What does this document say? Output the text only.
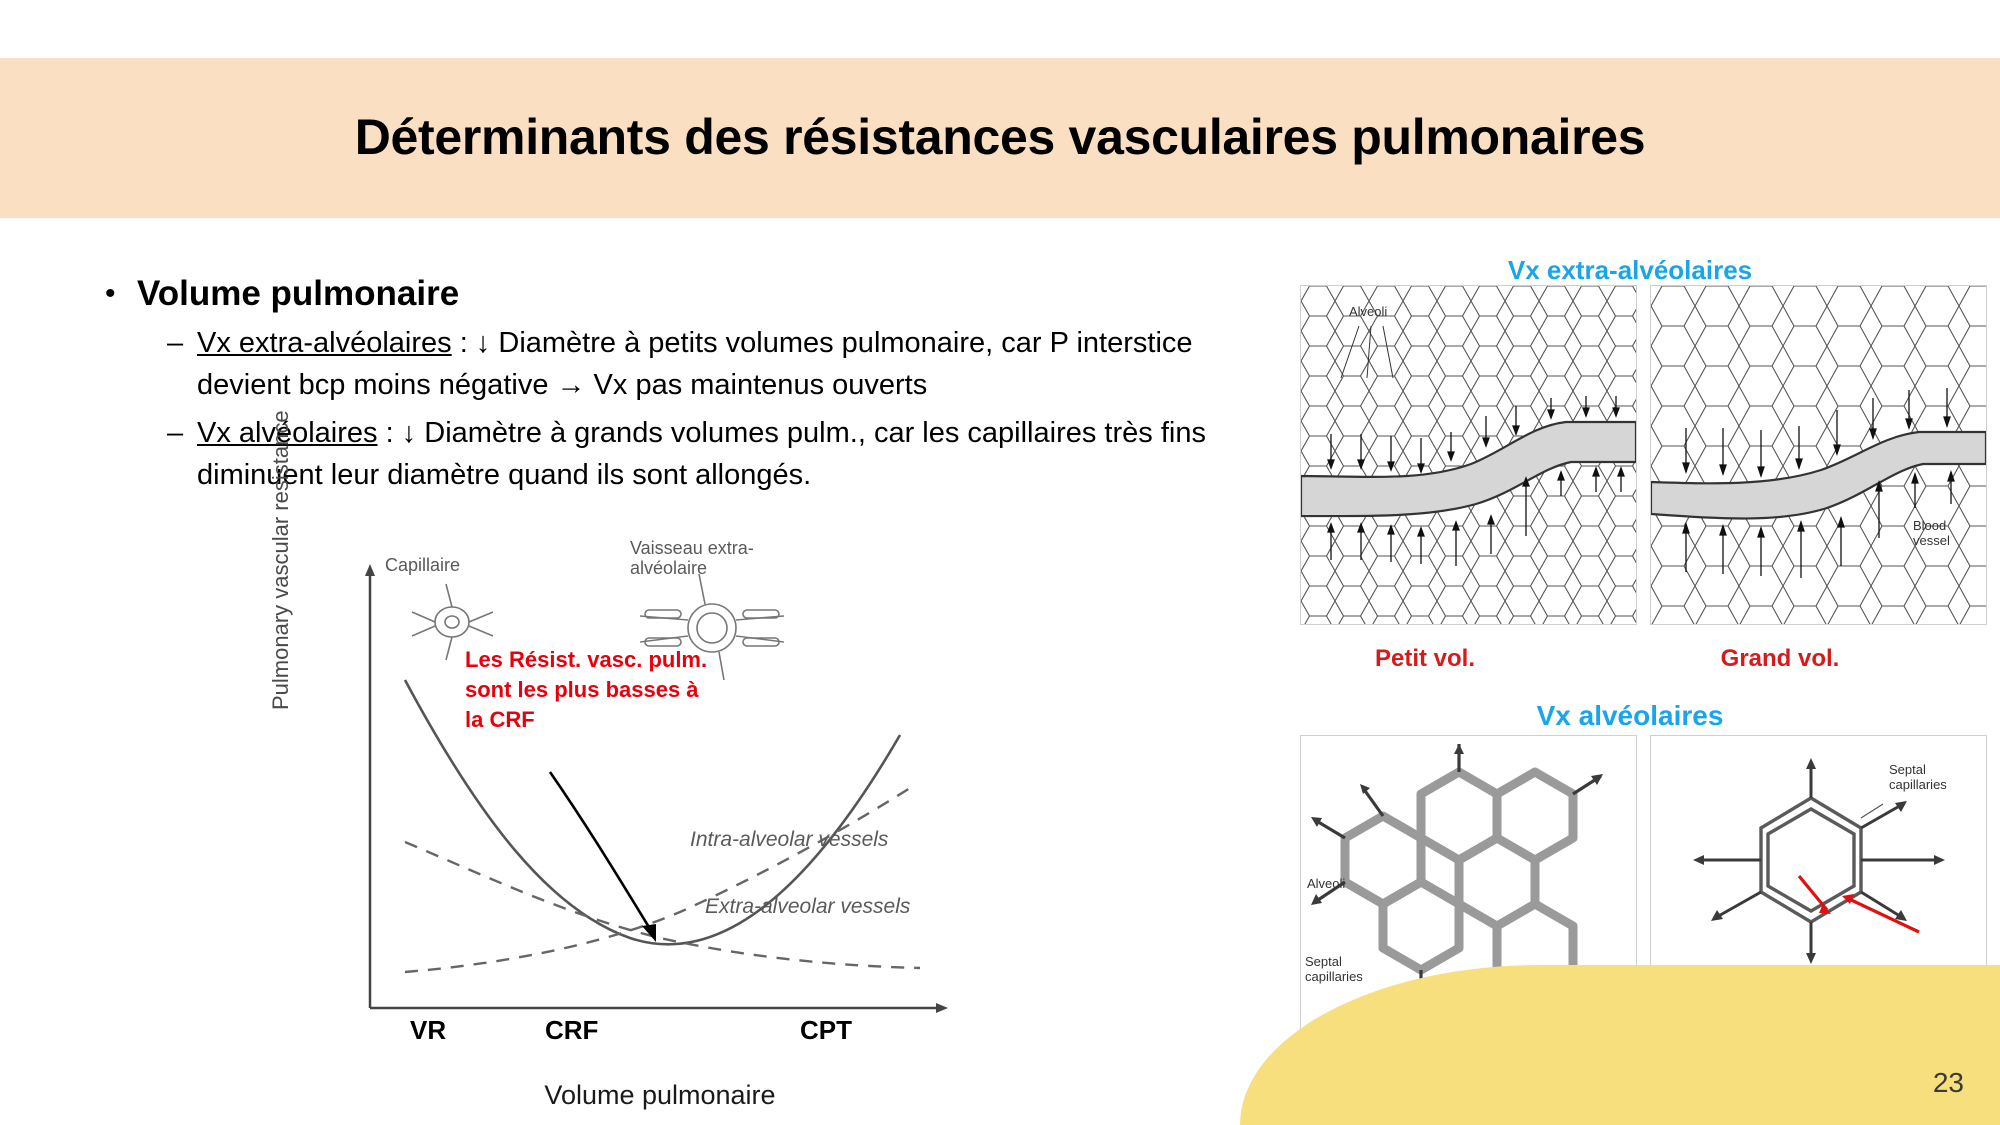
Déterminants des résistances vasculaires pulmonaires
• Volume pulmonaire
– Vx extra-alvéolaires : ↓ Diamètre à petits volumes pulmonaire, car P interstice devient bcp moins négative → Vx pas maintenus ouverts
– Vx alvéolaires : ↓ Diamètre à grands volumes pulm., car les capillaires très fins diminuent leur diamètre quand ils sont allongés.
Pulmonary vascular resistance	Capillaire
Vaisseau extra-alvéolaire
Les Résist. vasc. pulm. sont les plus basses à la CRF
Intra-alveolar vessels
Extra-alveolar vessels
VR	CRF	CPT
Volume pulmonaire
Vx extra-alvéolaires
Alveoli
Blood vessel
Petit vol.	Grand vol.
Vx alvéolaires
Alveoli
Septal capillaries
Septal capillaries
23
